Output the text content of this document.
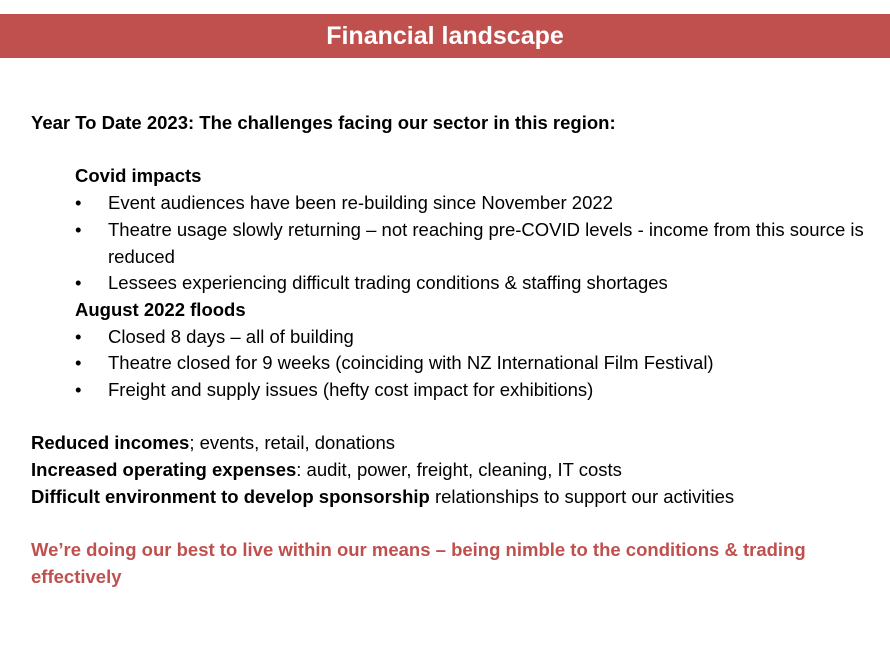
Financial landscape

Year To Date 2023: The challenges facing our sector in this region:

Covid impacts

• Event audiences have been re-building since November 2022
• Theatre usage slowly returning – not reaching pre-COVID levels - income from this source is reduced
• Lessees experiencing difficult trading conditions & staffing shortages

August 2022 floods

• Closed 8 days – all of building
• Theatre closed for 9 weeks (coinciding with NZ International Film Festival)
• Freight and supply issues (hefty cost impact for exhibitions)
Reduced incomes; events, retail, donations
Increased operating expenses: audit, power, freight, cleaning, IT costs
Difficult environment to develop sponsorship relationships to support our activities

We’re doing our best to live within our means – being nimble to the conditions & trading effectively
